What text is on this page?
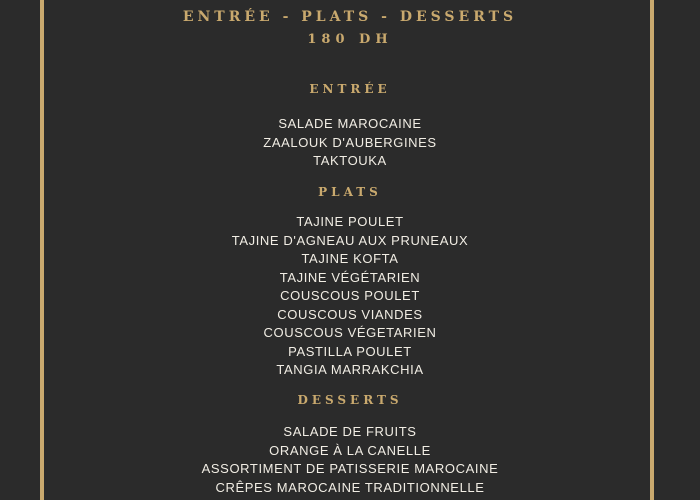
ENTRÉE - PLATS - DESSERTS
180 DH
ENTRÉE
SALADE MAROCAINE
ZAALOUK D'AUBERGINES
TAKTOUKA
PLATS
TAJINE POULET
TAJINE D'AGNEAU AUX PRUNEAUX
TAJINE KOFTA
TAJINE VÉGÉTARIEN
COUSCOUS POULET
COUSCOUS VIANDES
COUSCOUS VÉGETARIEN
PASTILLA POULET
TANGIA MARRAKCHIA
DESSERTS
SALADE DE FRUITS
ORANGE À LA CANELLE
ASSORTIMENT DE PATISSERIE MAROCAINE
CRÊPES MAROCAINE TRADITIONNELLE
